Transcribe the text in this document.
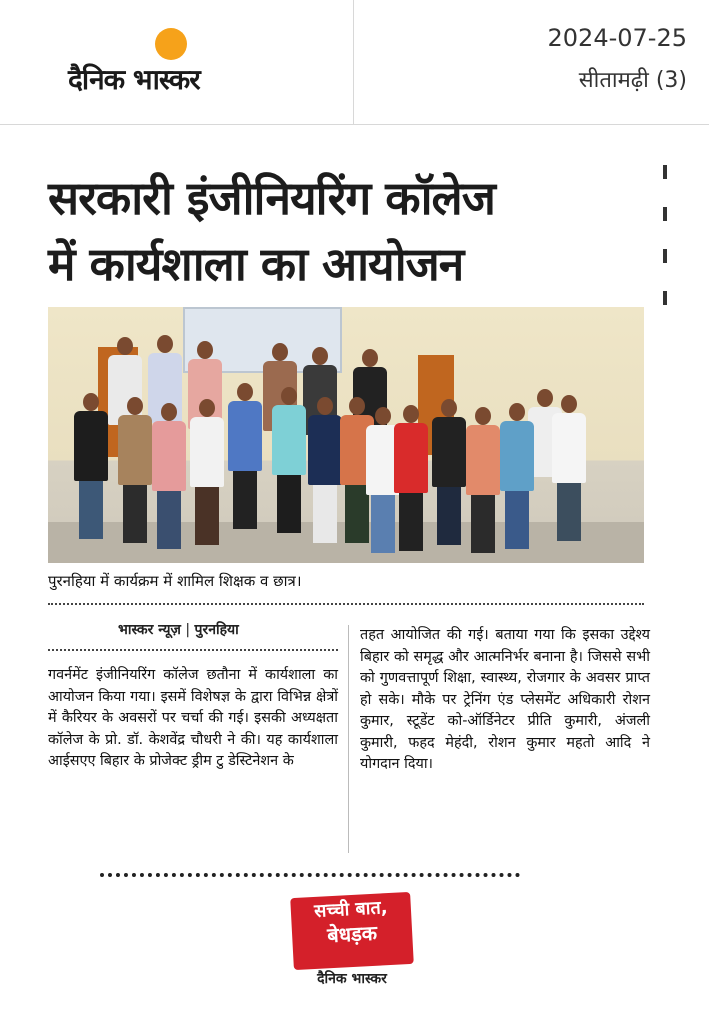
दैनिक भास्कर
2024-07-25
सीतामढ़ी (3)
सरकारी इंजीनियरिंग कॉलेज
में कार्यशाला का आयोजन
पुरनहिया में कार्यक्रम में शामिल शिक्षक व छात्र।
भास्कर न्यूज़ | पुरनहिया
गवर्नमेंट इंजीनियरिंग कॉलेज छतौना में कार्यशाला का आयोजन किया गया। इसमें विशेषज्ञ के द्वारा विभिन्न क्षेत्रों में कैरियर के अवसरों पर चर्चा की गई। इसकी अध्यक्षता कॉलेज के प्रो. डॉ. केशवेंद्र चौधरी ने की। यह कार्यशाला आईसएए बिहार के प्रोजेक्ट ड्रीम टु डेस्टिनेशन के
तहत आयोजित की गई। बताया गया कि इसका उद्देश्य बिहार को समृद्ध और आत्मनिर्भर बनाना है। जिससे सभी को गुणवत्तापूर्ण शिक्षा, स्वास्थ्य, रोजगार के अवसर प्राप्त हो सके। मौके पर ट्रेनिंग एंड प्लेसमेंट अधिकारी रोशन कुमार, स्टूडेंट को-ऑर्डिनेटर प्रीति कुमारी, अंजली कुमारी, फहद मेहंदी, रोशन कुमार महतो आदि ने योगदान दिया।
सच्ची बात,
बेधड़क
दैनिक भास्कर
